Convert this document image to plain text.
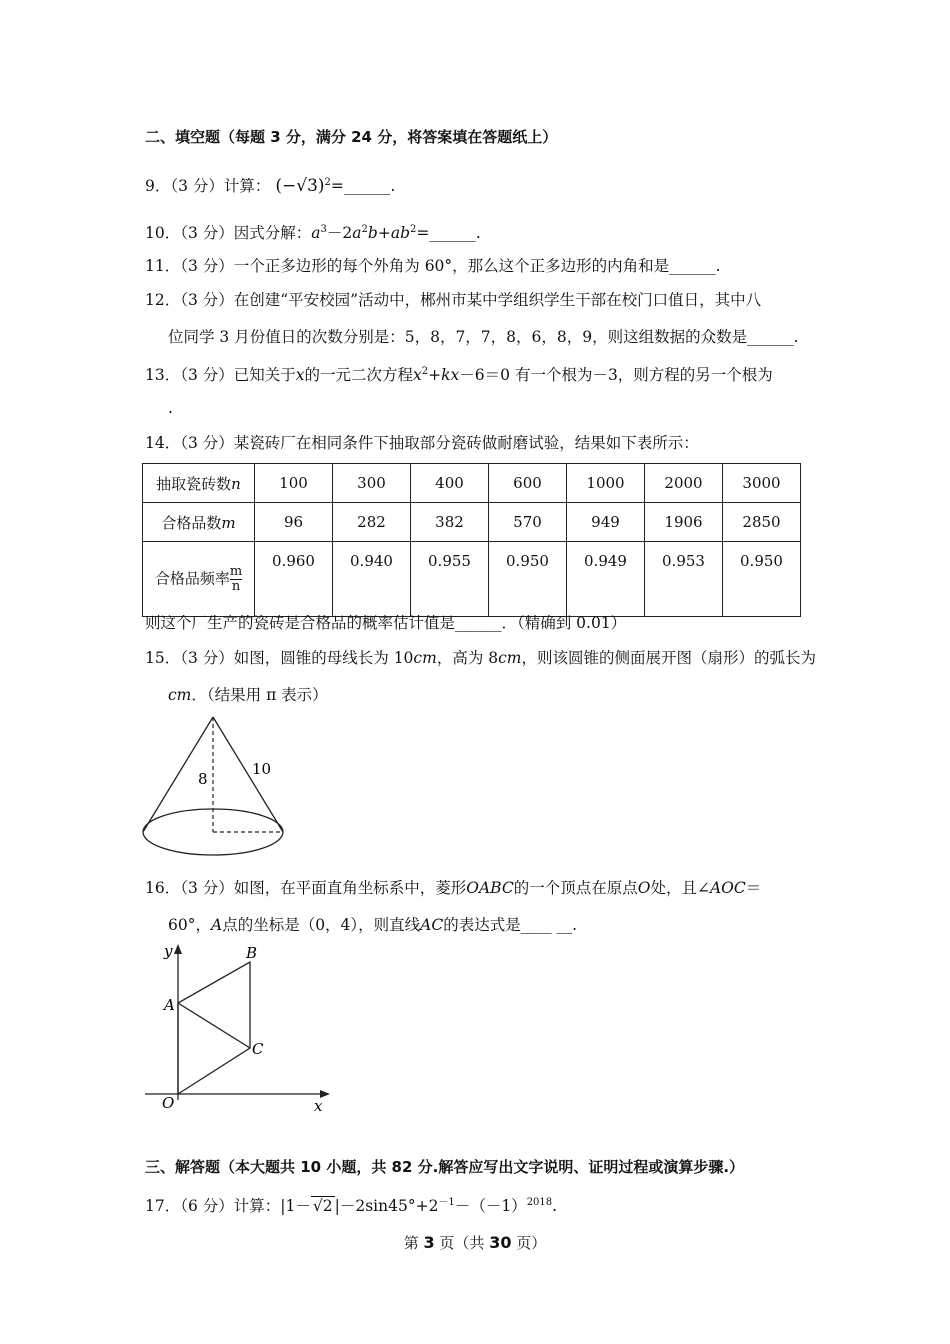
二、填空题（每题 3 分，满分 24 分，将答案填在答题纸上）
9．（3 分）计算： $(-√3)^2=\_\_\_\_\_\_$.
10．（3 分）因式分解：$a^3-2a^2b+ab^2=\_\_\_\_\_\_$.
11．（3 分）一个正多边形的每个外角为 60°，那么这个正多边形的内角和是______.
12．（3 分）在创建“平安校园”活动中，郴州市某中学组织学生干部在校门口值日，其中八
位同学 3 月份值日的次数分别是：5，8，7，7，8，6，8，9，则这组数据的众数是______.
13．（3 分）已知关于x的一元二次方程$x^2+kx-6=0$ 有一个根为－3，则方程的另一个根为
.
14．（3 分）某瓷砖厂在相同条件下抽取部分瓷砖做耐磨试验，结果如下表所示：
抽取瓷砖数n	100	300	400	600	1000	2000	3000
合格品数m	96	282	382	570	949	1906	2850
合格品频率 $\frac{m}{n}$	0.960	0.940	0.955	0.950	0.949	0.953	0.950
则这个厂生产的瓷砖是合格品的概率估计值是______．（精确到 0.01）
15．（3 分）如图，圆锥的母线长为 10cm，高为 8cm，则该圆锥的侧面展开图（扇形）的弧长为
cm．（结果用 π 表示）
8
10
16．（3 分）如图，在平面直角坐标系中，菱形OABC的一个顶点在原点O处，且∠AOC＝
60°，A点的坐标是（0，4），则直线AC的表达式是____ __.
y
x
B
A
C
O
三、解答题（本大题共 10 小题，共 82 分.解答应写出文字说明、证明过程或演算步骤.）
17．（6 分）计算：|1－ √2 $|-2\sin 45^\circ+2^{-1}-(-1)^{2018}$.
第 3 页（共 30 页）
